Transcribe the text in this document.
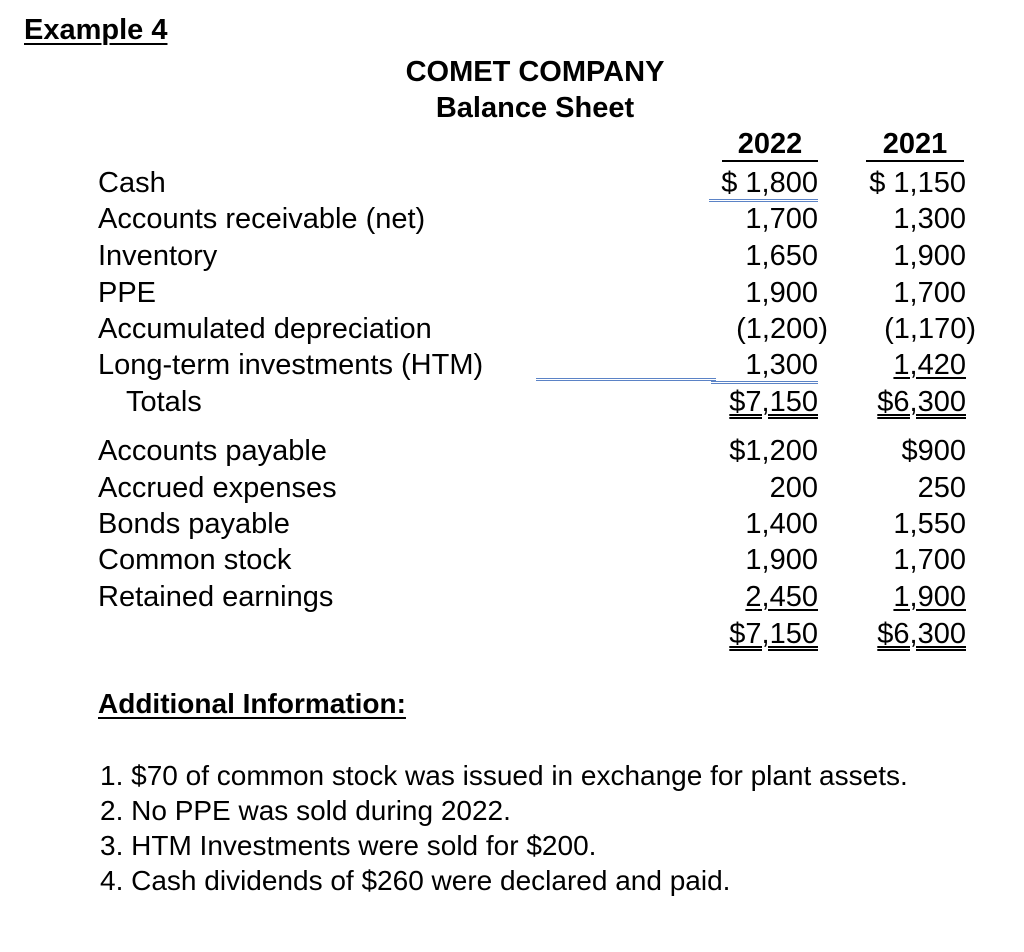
Example 4
COMET COMPANY
Balance Sheet
2022	2021
Cash	$ 1,800	$ 1,150
Accounts receivable (net)	1,700	1,300
Inventory	1,650	1,900
PPE	1,900	1,700
Accumulated depreciation	(1,200)	(1,170)
Long-term investments (HTM)	1,300	1,420
Totals	$7,150	$6,300
Accounts payable	$1,200	$900
Accrued expenses	200	250
Bonds payable	1,400	1,550
Common stock	1,900	1,700
Retained earnings	2,450	1,900
$7,150	$6,300
Additional Information:
1. $70 of common stock was issued in exchange for plant assets.
2. No PPE was sold during 2022.
3. HTM Investments were sold for $200.
4. Cash dividends of $260 were declared and paid.
